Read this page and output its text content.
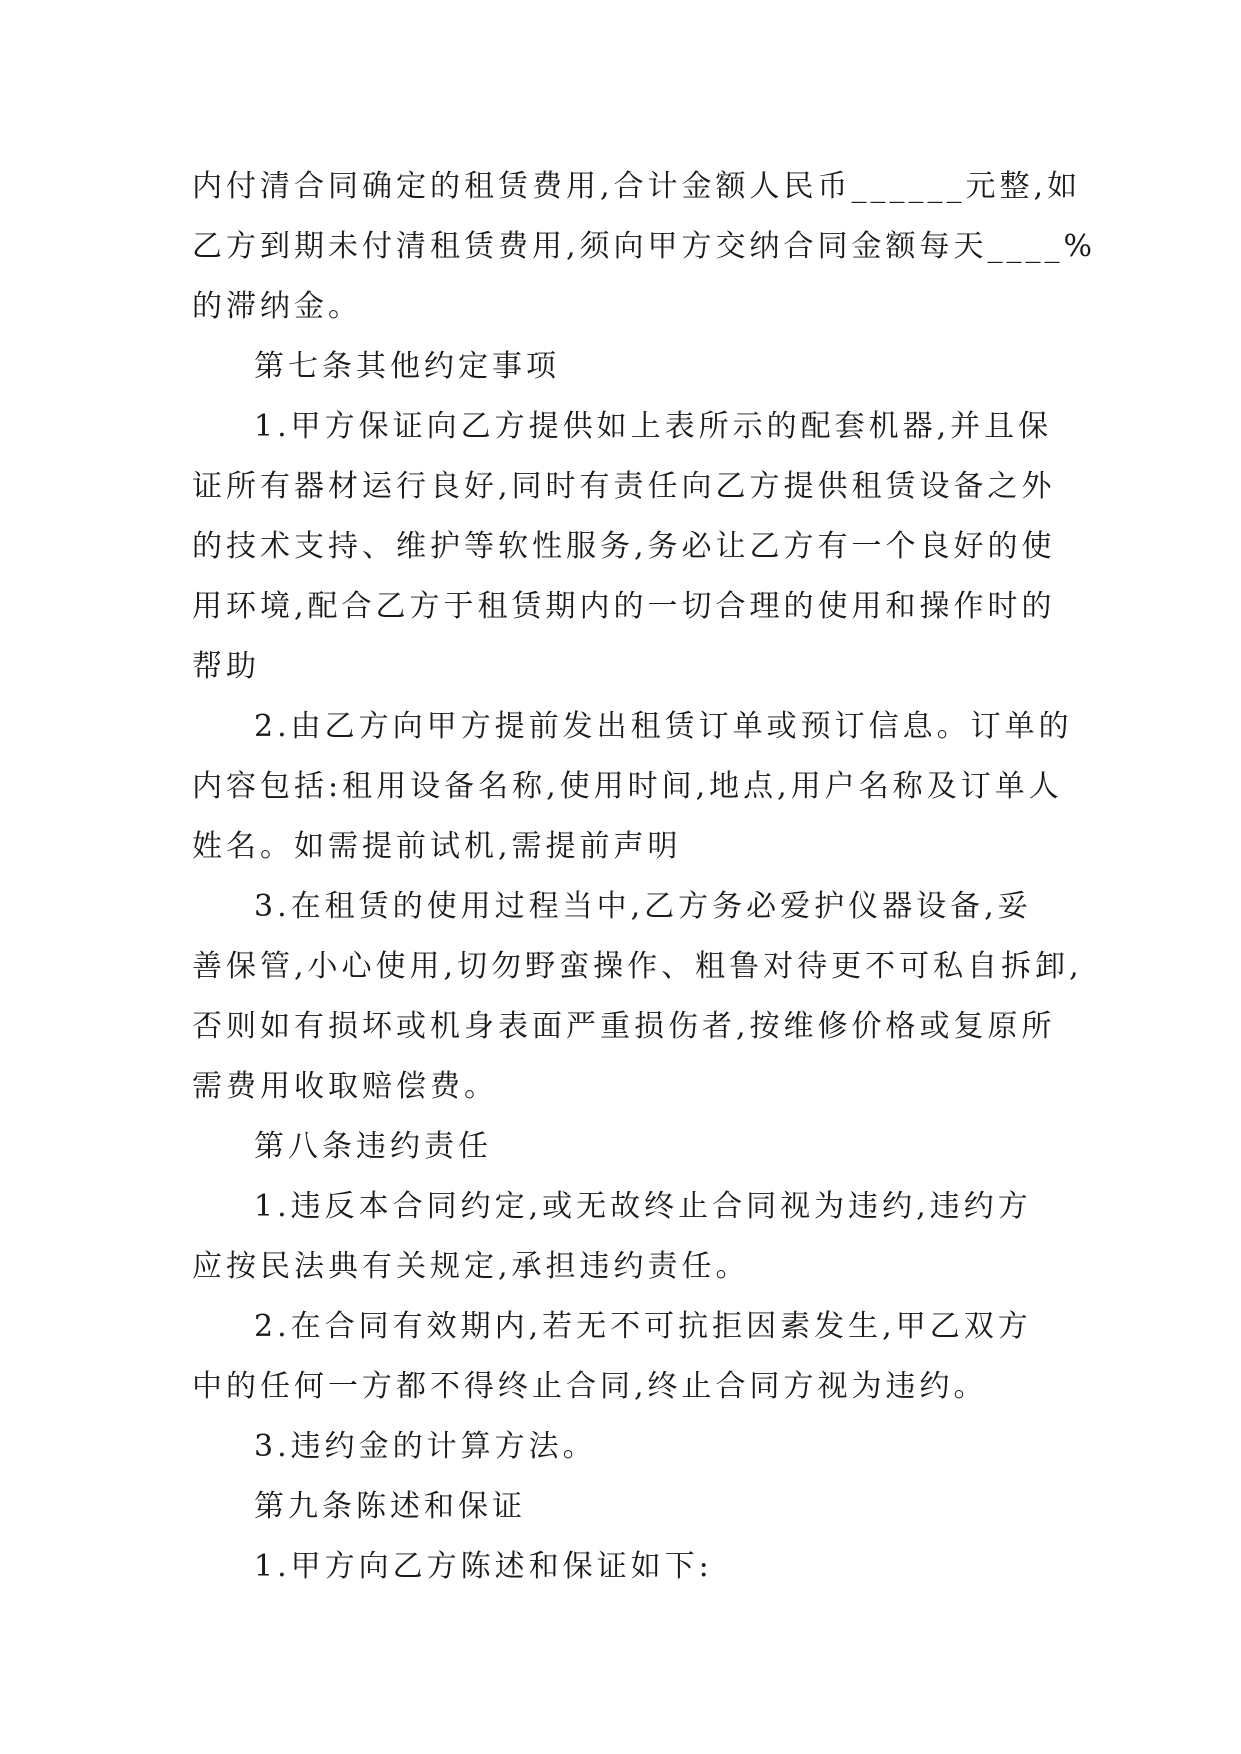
内付清合同确定的租赁费用,合计金额人民币______元整,如
乙方到期未付清租赁费用,须向甲方交纳合同金额每天____%
的滞纳金。
第七条其他约定事项
1.甲方保证向乙方提供如上表所示的配套机器,并且保
证所有器材运行良好,同时有责任向乙方提供租赁设备之外
的技术支持、维护等软性服务,务必让乙方有一个良好的使
用环境,配合乙方于租赁期内的一切合理的使用和操作时的
帮助
2.由乙方向甲方提前发出租赁订单或预订信息。订单的
内容包括:租用设备名称,使用时间,地点,用户名称及订单人
姓名。如需提前试机,需提前声明
3.在租赁的使用过程当中,乙方务必爱护仪器设备,妥
善保管,小心使用,切勿野蛮操作、粗鲁对待更不可私自拆卸,
否则如有损坏或机身表面严重损伤者,按维修价格或复原所
需费用收取赔偿费。
第八条违约责任
1.违反本合同约定,或无故终止合同视为违约,违约方
应按民法典有关规定,承担违约责任。
2.在合同有效期内,若无不可抗拒因素发生,甲乙双方
中的任何一方都不得终止合同,终止合同方视为违约。
3.违约金的计算方法。
第九条陈述和保证
1.甲方向乙方陈述和保证如下:
